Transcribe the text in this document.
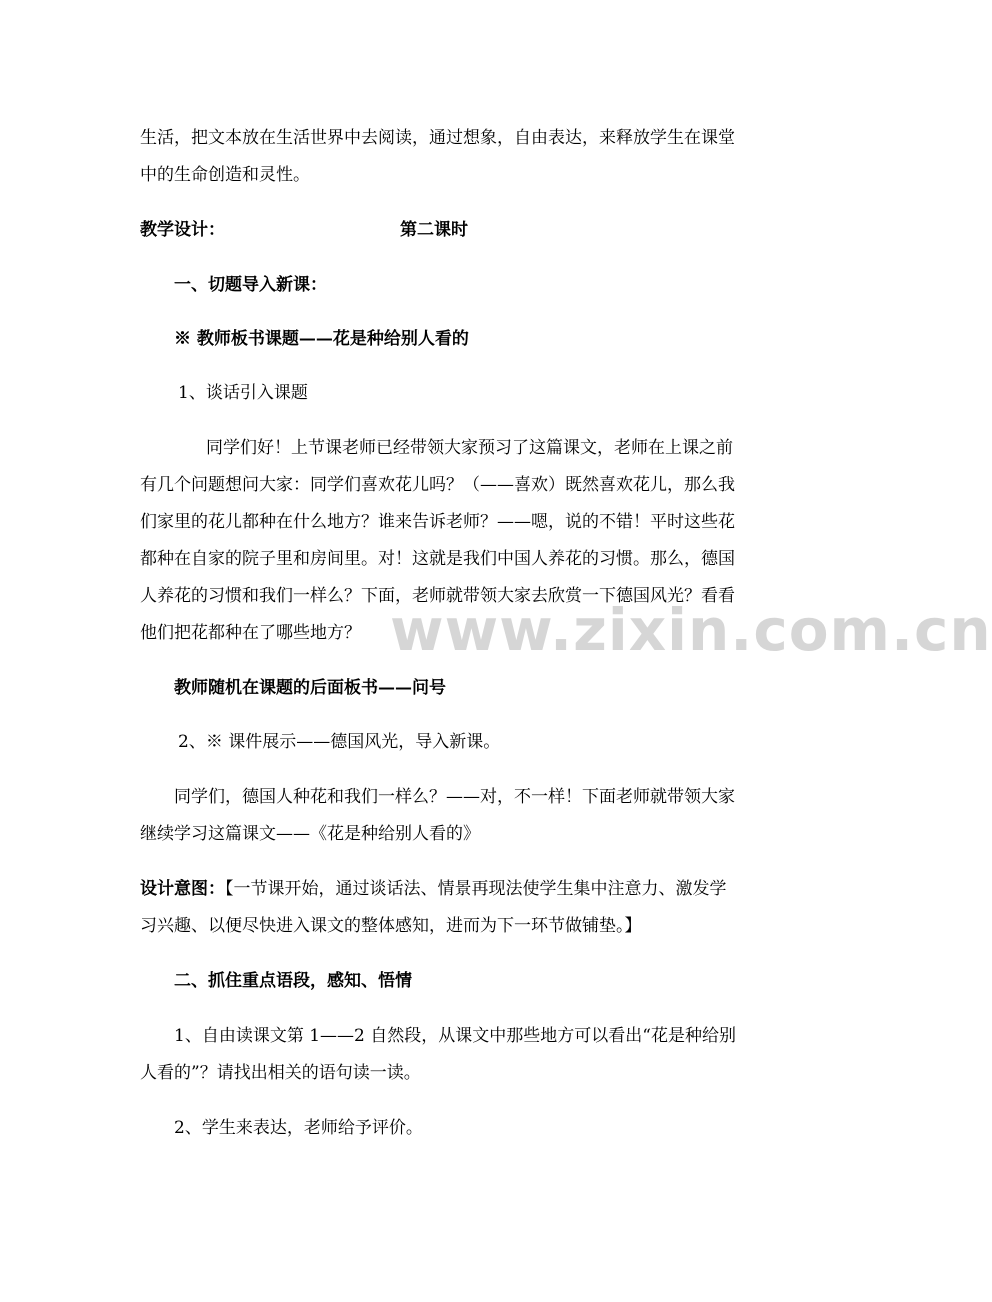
www.zixin.com.cn

生活，把文本放在生活世界中去阅读，通过想象，自由表达，来释放学生在课堂

中的生命创造和灵性。

教学设计：	第二课时

一、切题导入新课：

※ 教师板书课题——花是种给别人看的

1、谈话引入课题

同学们好！上节课老师已经带领大家预习了这篇课文，老师在上课之前

有几个问题想问大家：同学们喜欢花儿吗？（——喜欢）既然喜欢花儿，那么我

们家里的花儿都种在什么地方？谁来告诉老师？——嗯，说的不错！平时这些花

都种在自家的院子里和房间里。对！这就是我们中国人养花的习惯。那么，德国

人养花的习惯和我们一样么？下面，老师就带领大家去欣赏一下德国风光？看看

他们把花都种在了哪些地方？

教师随机在课题的后面板书——问号

2、※ 课件展示——德国风光，导入新课。

同学们，德国人种花和我们一样么？——对，不一样！下面老师就带领大家

继续学习这篇课文——《花是种给别人看的》

设计意图：【一节课开始，通过谈话法、情景再现法使学生集中注意力、激发学

习兴趣、以便尽快进入课文的整体感知，进而为下一环节做铺垫。】

二、抓住重点语段，感知、悟情

1、自由读课文第 1——2 自然段，从课文中那些地方可以看出“花是种给别

人看的”？请找出相关的语句读一读。

2、学生来表达，老师给予评价。
